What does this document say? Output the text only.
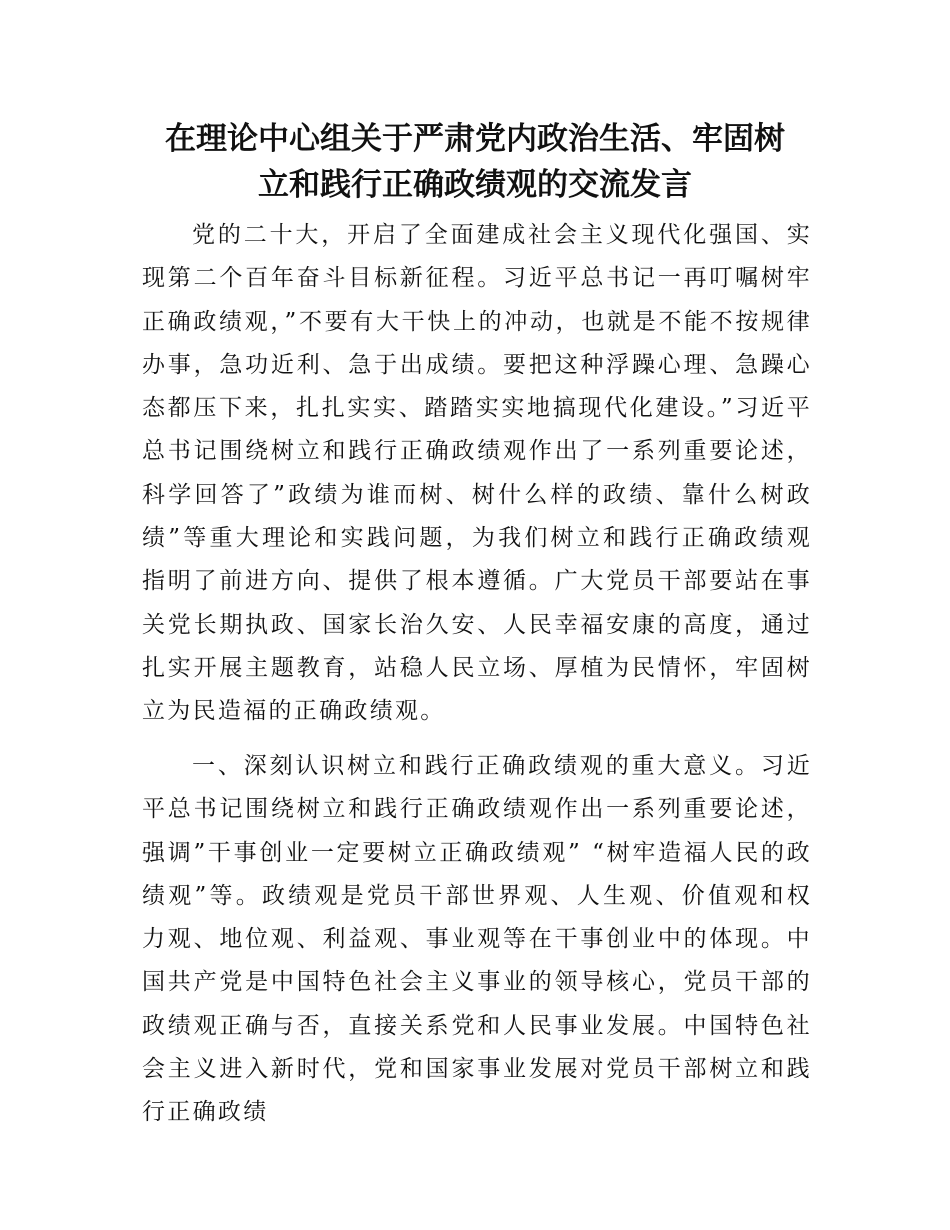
在理论中心组关于严肃党内政治生活、牢固树
立和践行正确政绩观的交流发言

党的二十大，开启了全面建成社会主义现代化强国、实现第二个百年奋斗目标新征程。习近平总书记一再叮嘱树牢正确政绩观，”不要有大干快上的冲动，也就是不能不按规律办事，急功近利、急于出成绩。要把这种浮躁心理、急躁心态都压下来，扎扎实实、踏踏实实地搞现代化建设。”习近平总书记围绕树立和践行正确政绩观作出了一系列重要论述，科学回答了”政绩为谁而树、树什么样的政绩、靠什么树政绩”等重大理论和实践问题，为我们树立和践行正确政绩观指明了前进方向、提供了根本遵循。广大党员干部要站在事关党长期执政、国家长治久安、人民幸福安康的高度，通过扎实开展主题教育，站稳人民立场、厚植为民情怀，牢固树立为民造福的正确政绩观。

一、深刻认识树立和践行正确政绩观的重大意义。习近平总书记围绕树立和践行正确政绩观作出一系列重要论述，强调”干事创业一定要树立正确政绩观” “树牢造福人民的政绩观”等。政绩观是党员干部世界观、人生观、价值观和权力观、地位观、利益观、事业观等在干事创业中的体现。中国共产党是中国特色社会主义事业的领导核心，党员干部的政绩观正确与否，直接关系党和人民事业发展。中国特色社会主义进入新时代，党和国家事业发展对党员干部树立和践行正确政绩
